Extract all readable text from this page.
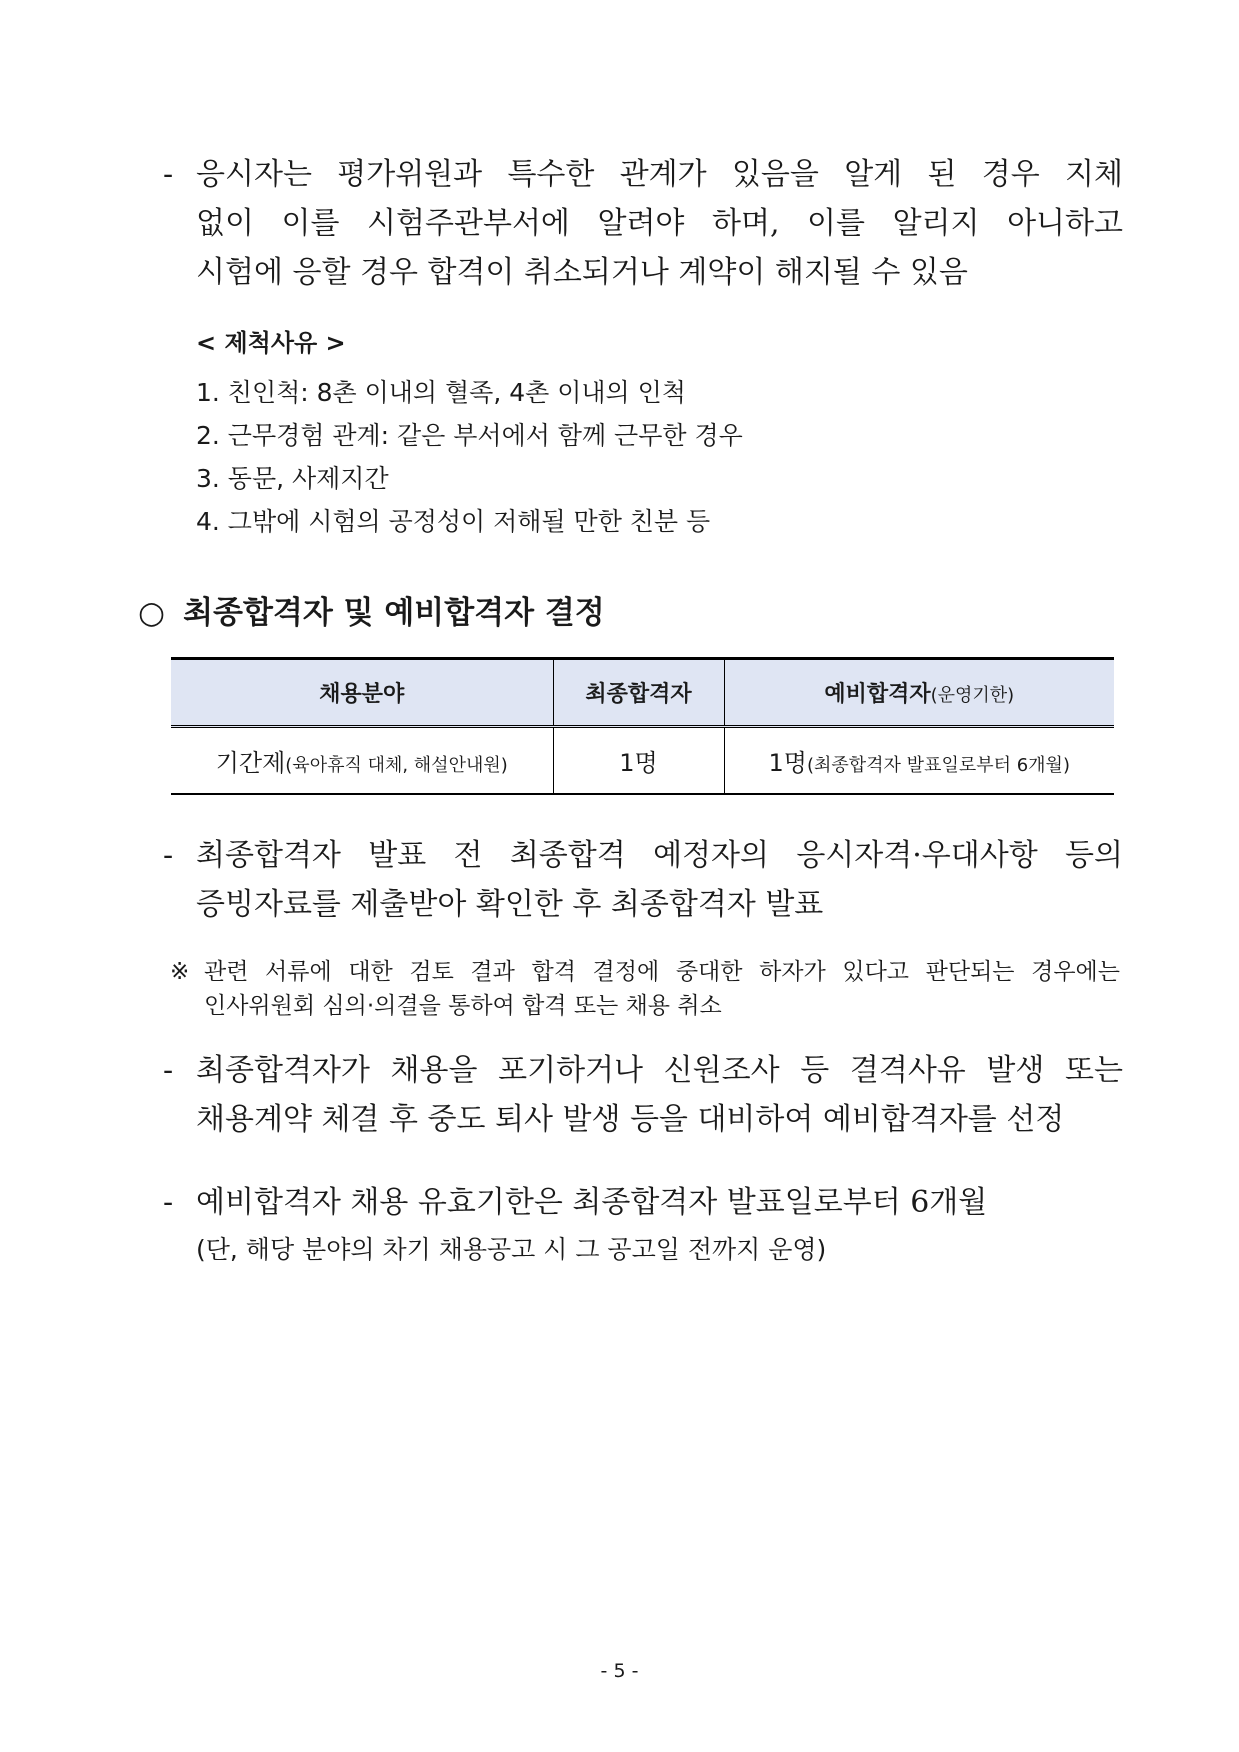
- 응시자는 평가위원과 특수한 관계가 있음을 알게 된 경우 지체
없이 이를 시험주관부서에 알려야 하며, 이를 알리지 아니하고
시험에 응할 경우 합격이 취소되거나 계약이 해지될 수 있음
< 제척사유 >
1. 친인척: 8촌 이내의 혈족, 4촌 이내의 인척
2. 근무경험 관계: 같은 부서에서 함께 근무한 경우
3. 동문, 사제지간
4. 그밖에 시험의 공정성이 저해될 만한 친분 등
○ 최종합격자 및 예비합격자 결정
채용분야	최종합격자	예비합격자(운영기한)
기간제(육아휴직 대체, 해설안내원)	1명	1명(최종합격자 발표일로부터 6개월)
- 최종합격자 발표 전 최종합격 예정자의 응시자격·우대사항 등의
증빙자료를 제출받아 확인한 후 최종합격자 발표
※ 관련 서류에 대한 검토 결과 합격 결정에 중대한 하자가 있다고 판단되는 경우에는
인사위원회 심의·의결을 통하여 합격 또는 채용 취소
- 최종합격자가 채용을 포기하거나 신원조사 등 결격사유 발생 또는
채용계약 체결 후 중도 퇴사 발생 등을 대비하여 예비합격자를 선정
- 예비합격자 채용 유효기한은 최종합격자 발표일로부터 6개월
(단, 해당 분야의 차기 채용공고 시 그 공고일 전까지 운영)
- 5 -
